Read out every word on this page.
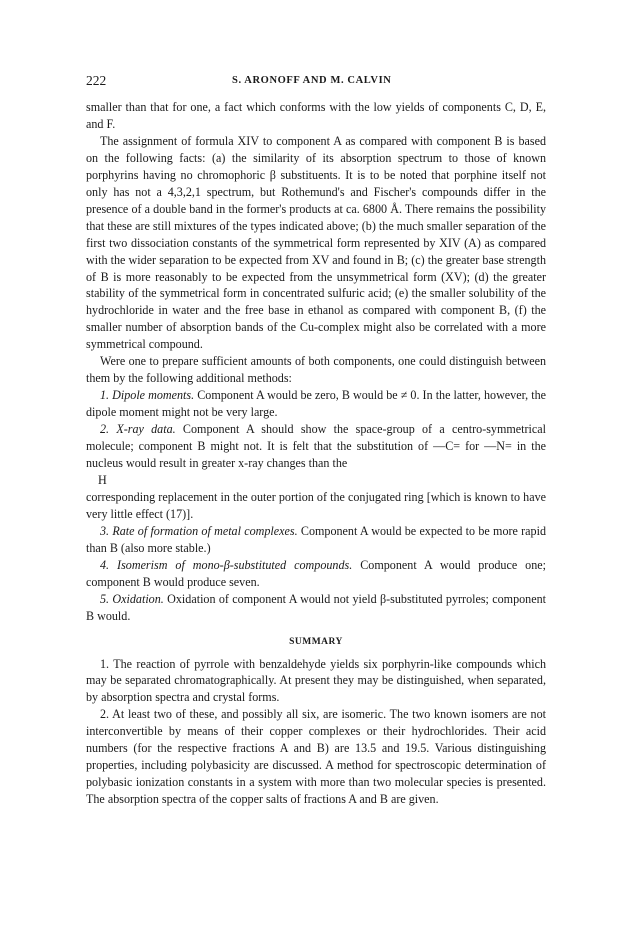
222	S. ARONOFF AND M. CALVIN

smaller than that for one, a fact which conforms with the low yields of components C, D, E, and F.

The assignment of formula XIV to component A as compared with component B is based on the following facts: (a) the similarity of its absorption spectrum to those of known porphyrins having no chromophoric β substituents. It is to be noted that porphine itself not only has not a 4,3,2,1 spectrum, but Rothemund's and Fischer's compounds differ in the presence of a double band in the former's products at ca. 6800 Å. There remains the possibility that these are still mixtures of the types indicated above; (b) the much smaller separation of the first two dissociation constants of the symmetrical form represented by XIV (A) as compared with the wider separation to be expected from XV and found in B; (c) the greater base strength of B is more reasonably to be expected from the unsymmetrical form (XV); (d) the greater stability of the symmetrical form in concentrated sulfuric acid; (e) the smaller solubility of the hydrochloride in water and the free base in ethanol as compared with component B, (f) the smaller number of absorption bands of the Cu-complex might also be correlated with a more symmetrical compound.

Were one to prepare sufficient amounts of both components, one could distinguish between them by the following additional methods:

1. Dipole moments. Component A would be zero, B would be ≠ 0. In the latter, however, the dipole moment might not be very large.

2. X-ray data. Component A should show the space-group of a centro-symmetrical molecule; component B might not. It is felt that the substitution of —C= for —N= in the nucleus would result in greater x-ray changes than the

H

corresponding replacement in the outer portion of the conjugated ring [which is known to have very little effect (17)].

3. Rate of formation of metal complexes. Component A would be expected to be more rapid than B (also more stable.)

4. Isomerism of mono-β-substituted compounds. Component A would produce one; component B would produce seven.

5. Oxidation. Oxidation of component A would not yield β-substituted pyrroles; component B would.

SUMMARY

1. The reaction of pyrrole with benzaldehyde yields six porphyrin-like compounds which may be separated chromatographically. At present they may be distinguished, when separated, by absorption spectra and crystal forms.

2. At least two of these, and possibly all six, are isomeric. The two known isomers are not interconvertible by means of their copper complexes or their hydrochlorides. Their acid numbers (for the respective fractions A and B) are 13.5 and 19.5. Various distinguishing properties, including polybasicity are discussed. A method for spectroscopic determination of polybasic ionization constants in a system with more than two molecular species is presented. The absorption spectra of the copper salts of fractions A and B are given.
